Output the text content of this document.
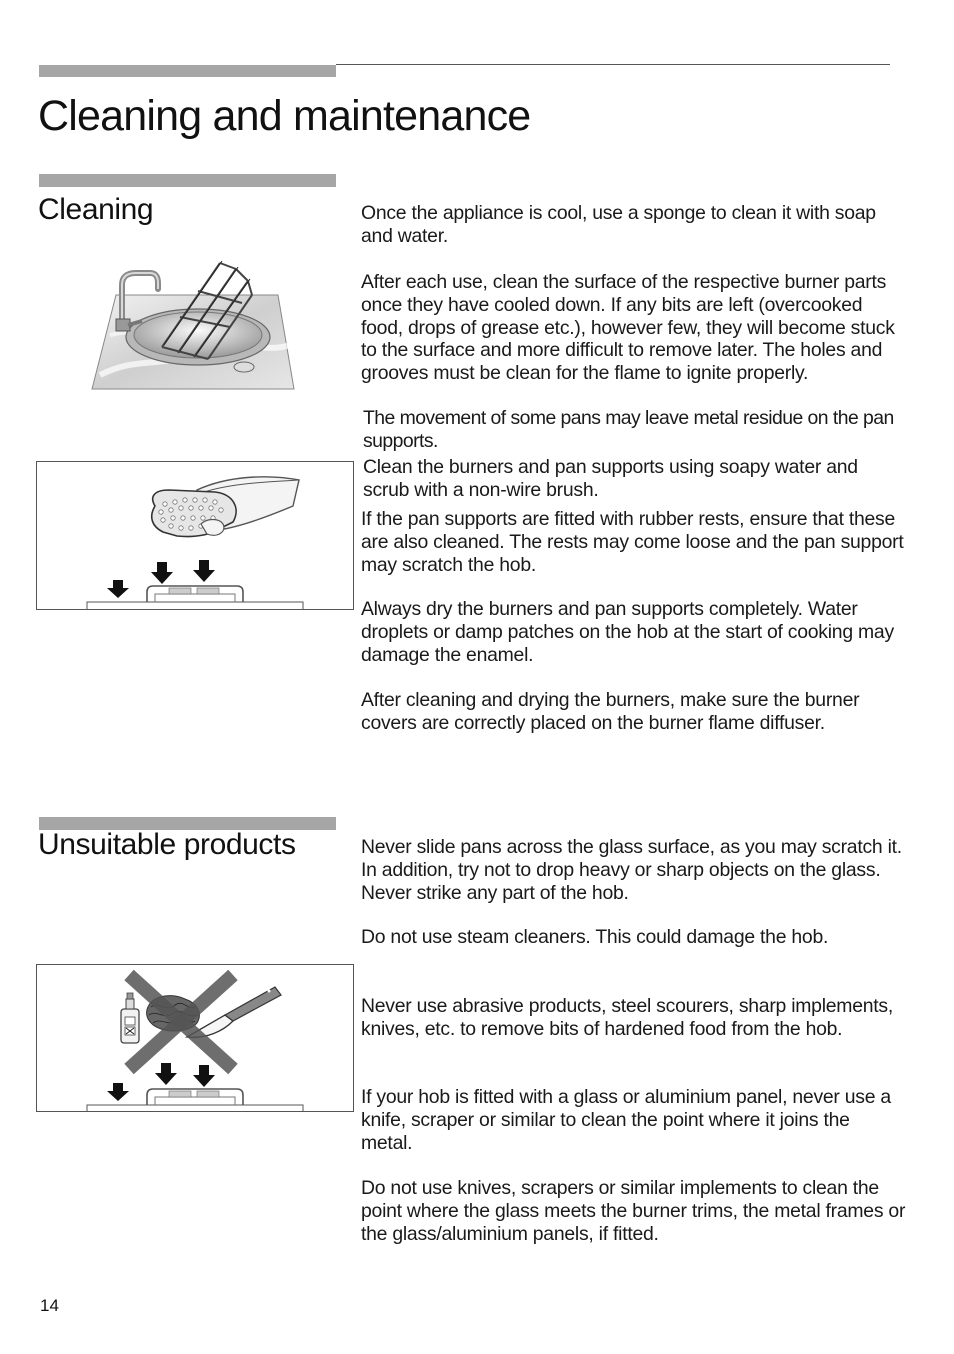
Cleaning and maintenance
Cleaning	Once the appliance is cool, use a sponge to clean it with soap and water.

After each use, clean the surface of the respective burner parts once they have cooled down. If any bits are left (overcooked food, drops of grease etc.), however few, they will become stuck to the surface and more difficult to remove later. The holes and grooves must be clean for the flame to ignite properly.

The movement of some pans may leave metal residue on the pan supports.

Clean the burners and pan supports using soapy water and scrub with a non-wire brush.

If the pan supports are fitted with rubber rests, ensure that these are also cleaned. The rests may come loose and the pan support may scratch the hob.

Always dry the burners and pan supports completely. Water droplets or damp patches on the hob at the start of cooking may damage the enamel.

After cleaning and drying the burners, make sure the burner covers are correctly placed on the burner flame diffuser.

Unsuitable products	Never slide pans across the glass surface, as you may scratch it. In addition, try not to drop heavy or sharp objects on the glass. Never strike any part of the hob.

Do not use steam cleaners. This could damage the hob.

Never use abrasive products, steel scourers, sharp implements, knives, etc. to remove bits of hardened food from the hob.

If your hob is fitted with a glass or aluminium panel, never use a knife, scraper or similar to clean the point where it joins the metal.

Do not use knives, scrapers or similar implements to clean the point where the glass meets the burner trims, the metal frames or the glass/aluminium panels, if fitted.

14
